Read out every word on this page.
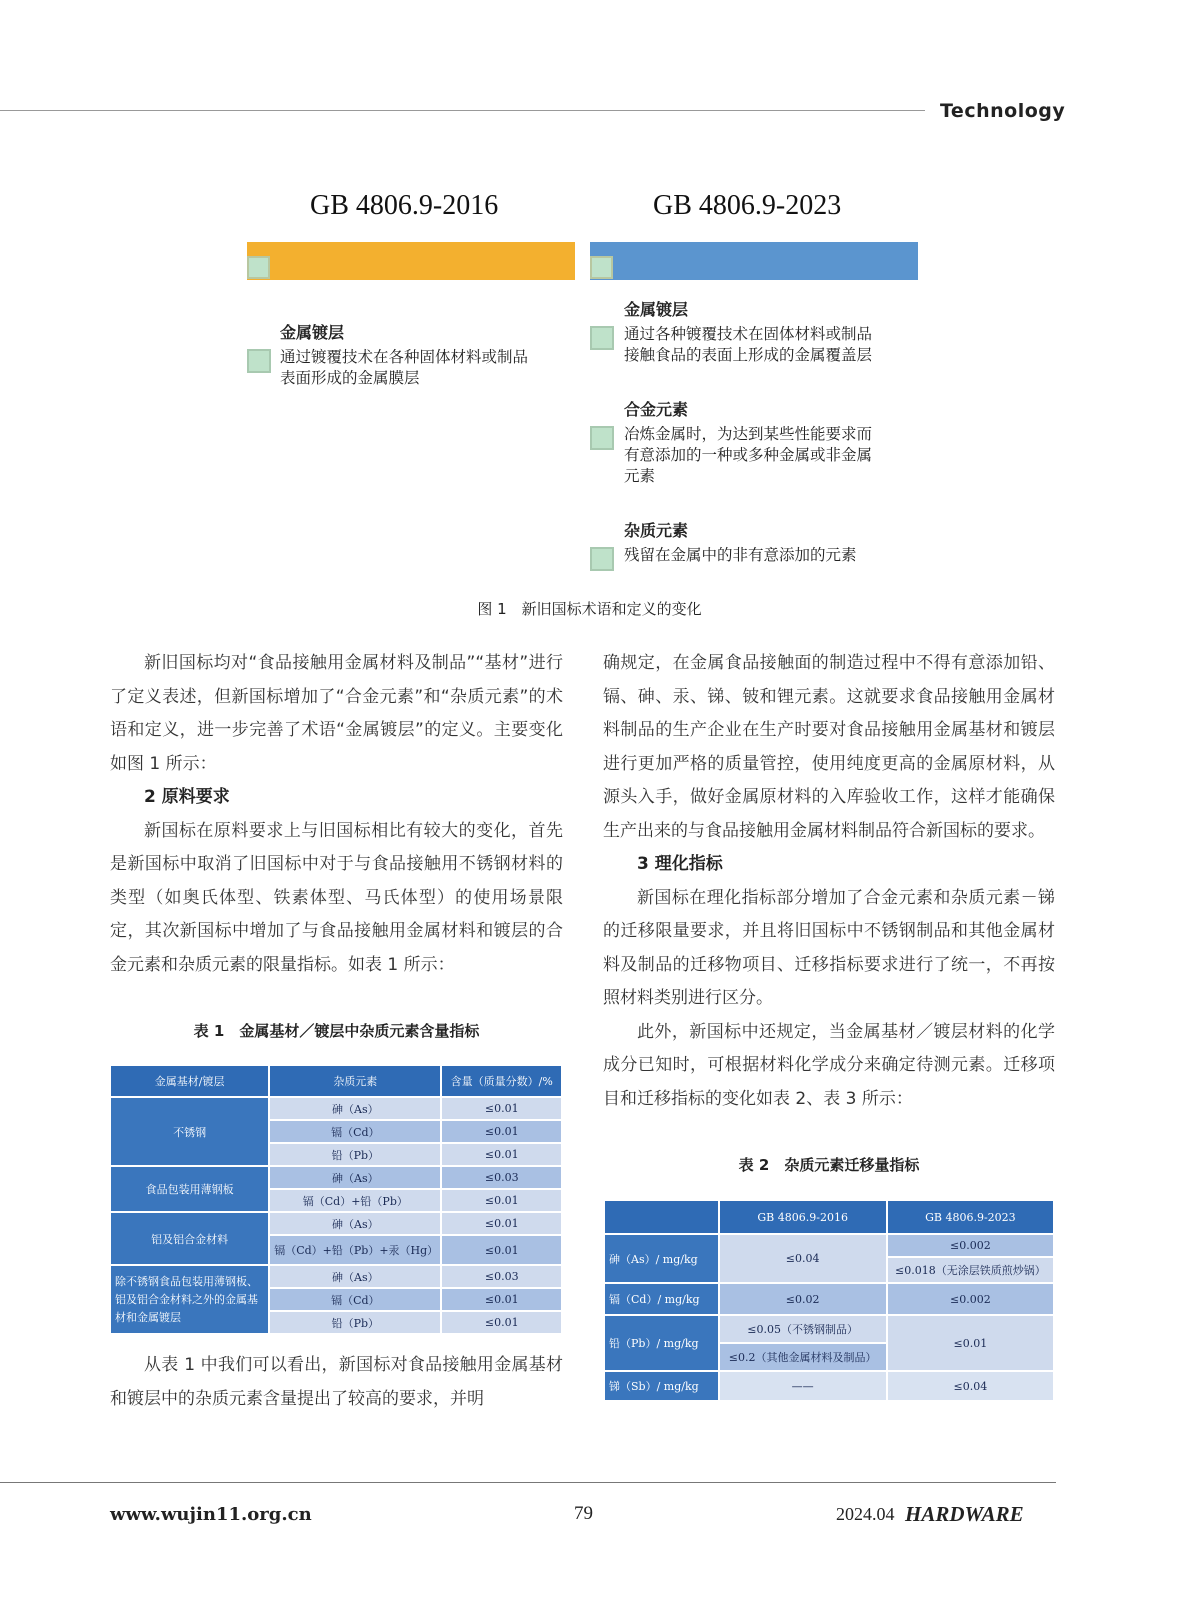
Technology
GB 4806.9-2016	GB 4806.9-2023
金属镀层
通过镀覆技术在各种固体材料或制品
表面形成的金属膜层
金属镀层
通过各种镀覆技术在固体材料或制品
接触食品的表面上形成的金属覆盖层
合金元素
冶炼金属时，为达到某些性能要求而
有意添加的一种或多种金属或非金属
元素
杂质元素
残留在金属中的非有意添加的元素
图 1　新旧国标术语和定义的变化

新旧国标均对“食品接触用金属材料及制品”“基材”进行了定义表述，但新国标增加了“合金元素”和“杂质元素”的术语和定义，进一步完善了术语“金属镀层”的定义。主要变化如图 1 所示：

2 原料要求

新国标在原料要求上与旧国标相比有较大的变化，首先是新国标中取消了旧国标中对于与食品接触用不锈钢材料的类型（如奥氏体型、铁素体型、马氏体型）的使用场景限定，其次新国标中增加了与食品接触用金属材料和镀层的合金元素和杂质元素的限量指标。如表 1 所示：

表 1　金属基材／镀层中杂质元素含量指标
金属基材/镀层	杂质元素	含量（质量分数）/%
不锈钢	砷（As）	≤0.01
	镉（Cd）	≤0.01
	铅（Pb）	≤0.01
食品包装用薄钢板	砷（As）	≤0.03
	镉（Cd）+铅（Pb）	≤0.01
铝及铝合金材料	砷（As）	≤0.01
	镉（Cd）+铅（Pb）+汞（Hg）	≤0.01
除不锈钢食品包装用薄钢板、铝及铝合金材料之外的金属基材和金属镀层	砷（As）	≤0.03
	镉（Cd）	≤0.01
	铅（Pb）	≤0.01

从表 1 中我们可以看出，新国标对食品接触用金属基材和镀层中的杂质元素含量提出了较高的要求，并明

确规定，在金属食品接触面的制造过程中不得有意添加铅、镉、砷、汞、锑、铍和锂元素。这就要求食品接触用金属材料制品的生产企业在生产时要对食品接触用金属基材和镀层进行更加严格的质量管控，使用纯度更高的金属原材料，从源头入手，做好金属原材料的入库验收工作，这样才能确保生产出来的与食品接触用金属材料制品符合新国标的要求。

3 理化指标

新国标在理化指标部分增加了合金元素和杂质元素－锑的迁移限量要求，并且将旧国标中不锈钢制品和其他金属材料及制品的迁移物项目、迁移指标要求进行了统一，不再按照材料类别进行区分。

此外，新国标中还规定，当金属基材／镀层材料的化学成分已知时，可根据材料化学成分来确定待测元素。迁移项目和迁移指标的变化如表 2、表 3 所示：

表 2　杂质元素迁移量指标
	GB 4806.9-2016	GB 4806.9-2023
砷（As）/ mg/kg	≤0.04	≤0.002
		≤0.018（无涂层铁质煎炒锅）
镉（Cd）/ mg/kg	≤0.02	≤0.002
铅（Pb）/ mg/kg	≤0.05（不锈钢制品）	≤0.01
	≤0.2（其他金属材料及制品）	
锑（Sb）/ mg/kg	——	≤0.04
www.wujin11.org.cn	79	2024.04 HARDWARE
